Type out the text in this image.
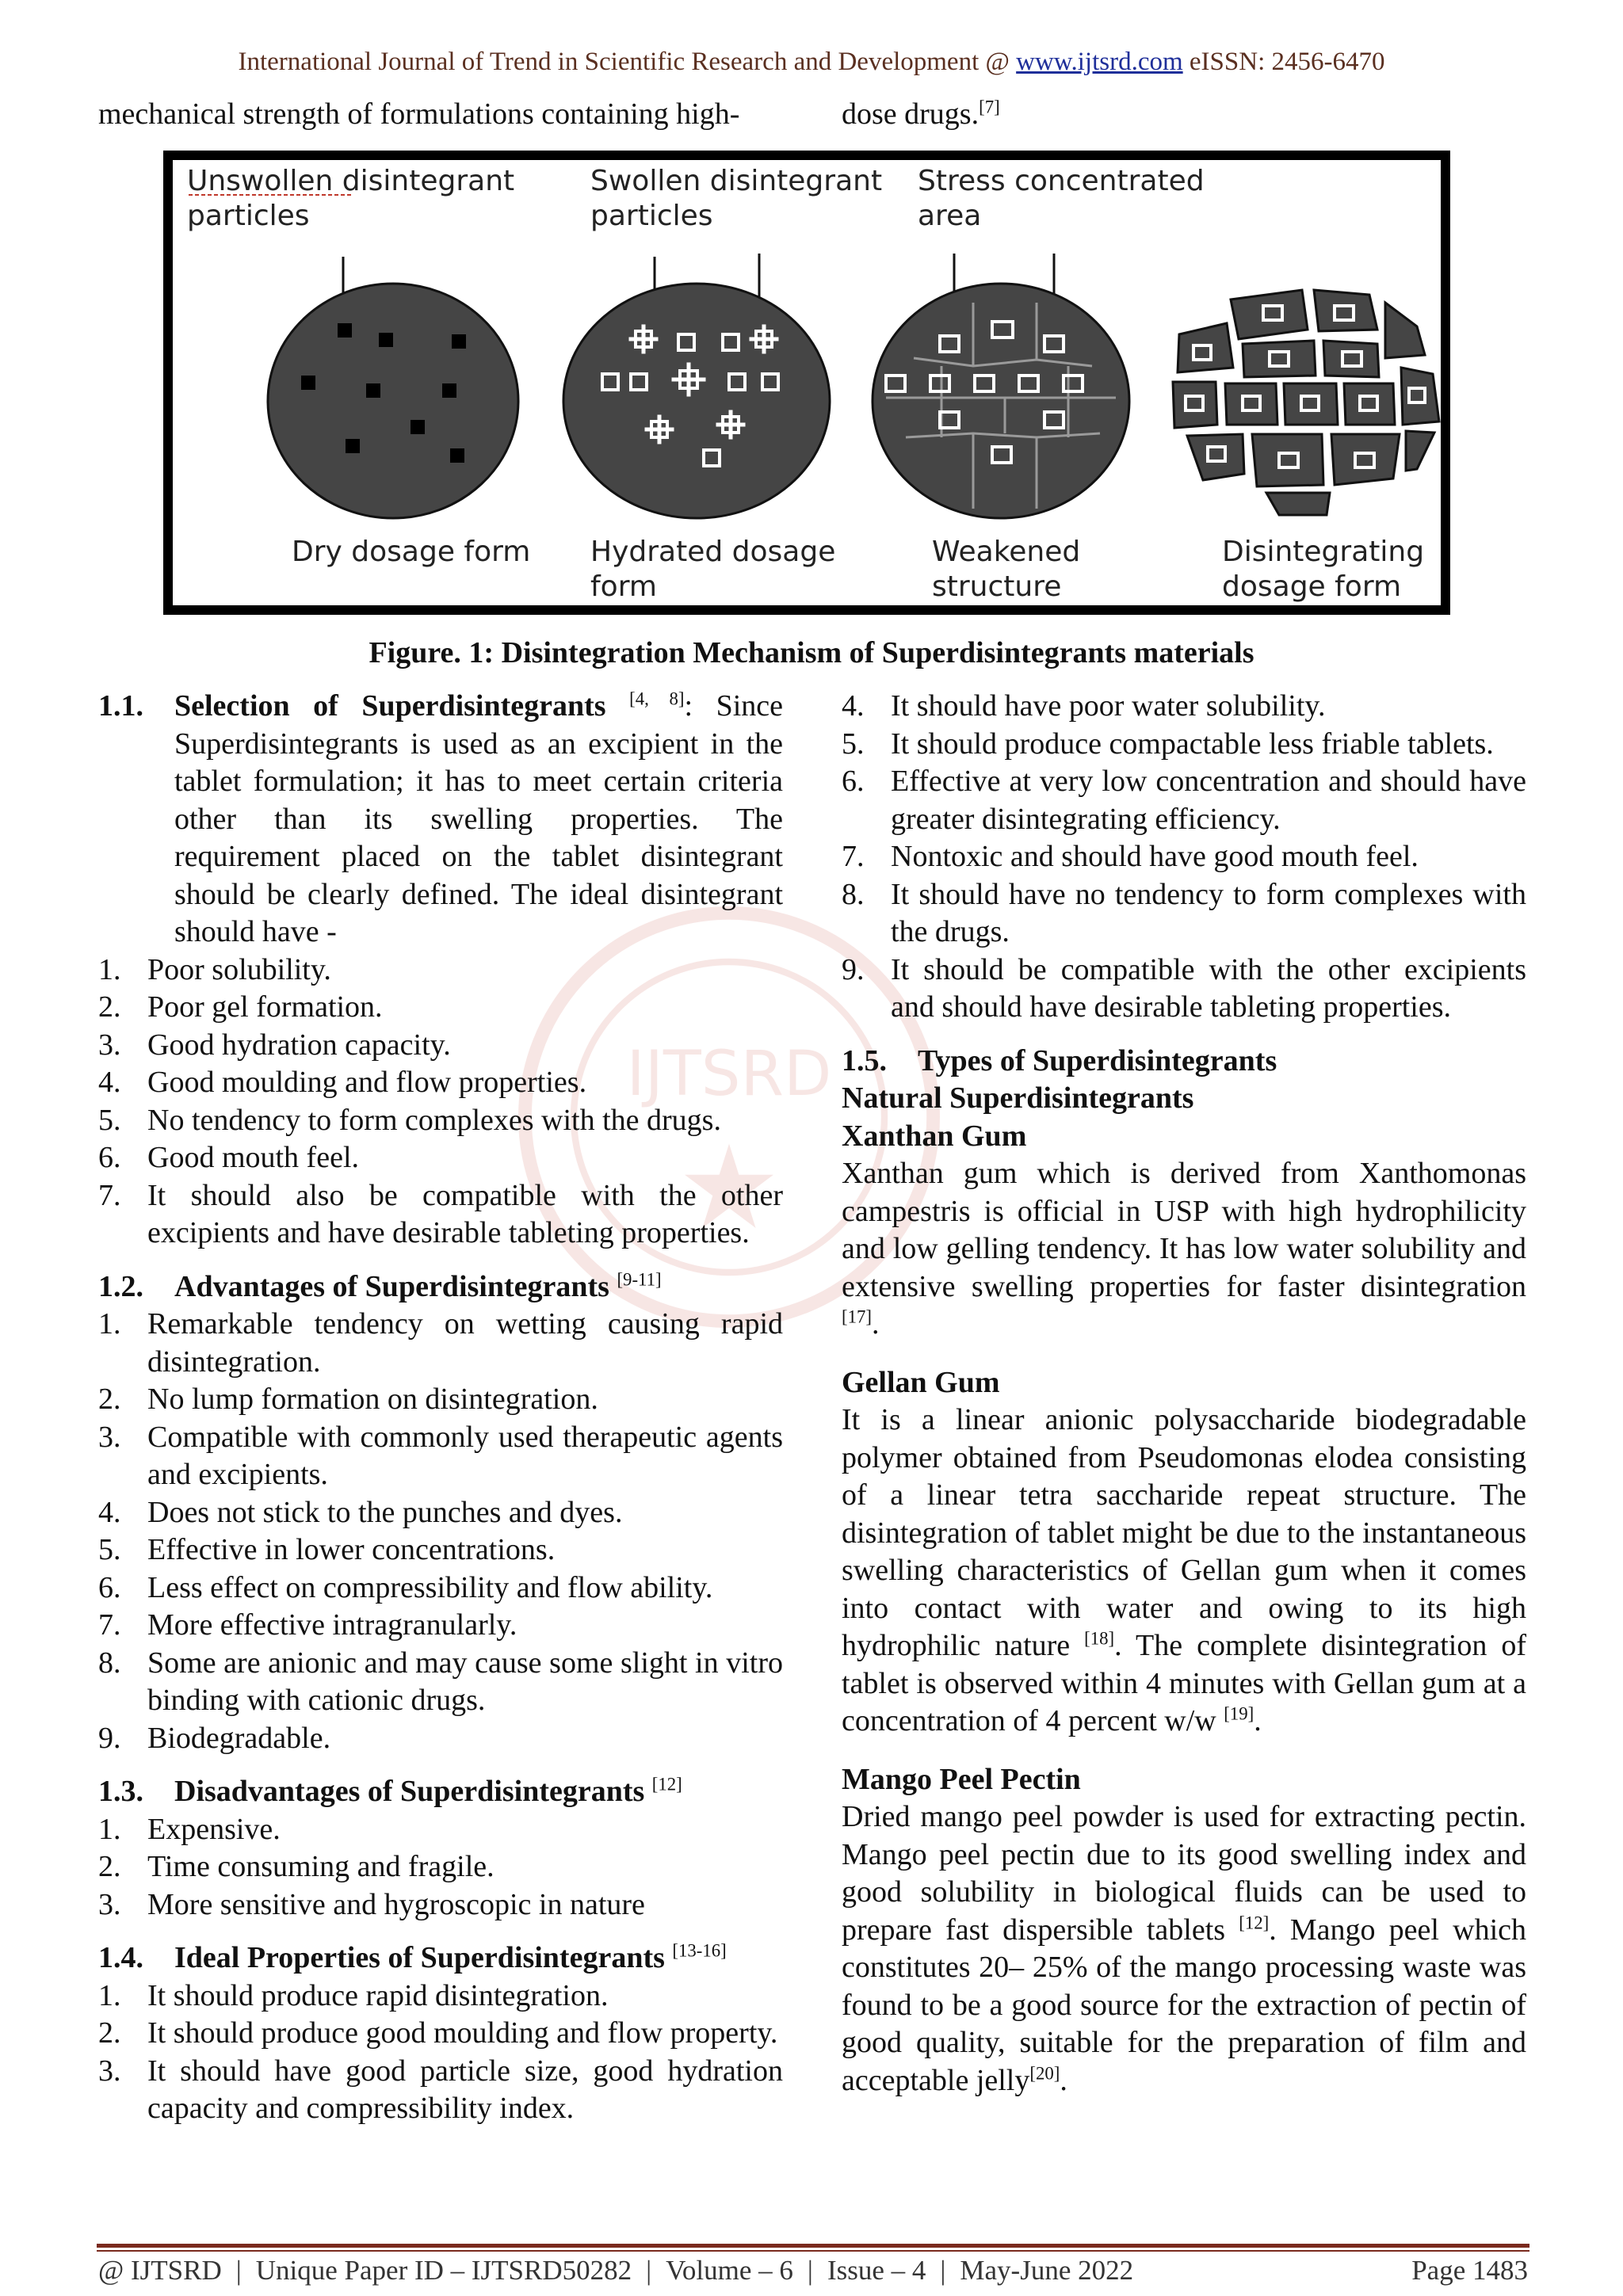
International Journal of Trend in Scientific Research and Development @ www.ijtsrd.com eISSN: 2456-6470
mechanical strength of formulations containing high-	dose drugs.[7]
Unswollen disintegrant
particles
Swollen disintegrant
particles
Stress concentrated
area
Dry dosage form Hydrated dosage
form
Weakened
structure
Disintegrating
dosage form
Figure. 1: Disintegration Mechanism of Superdisintegrants materials
IJTSRD
1.1.	Selection of Superdisintegrants [4, 8]: Since Superdisintegrants is used as an excipient in the tablet formulation; it has to meet certain criteria other than its swelling properties. The requirement placed on the tablet disintegrant should be clearly defined. The ideal disintegrant should have -
1. Poor solubility.
2. Poor gel formation.
3. Good hydration capacity.
4. Good moulding and flow properties.
5. No tendency to form complexes with the drugs.
6. Good mouth feel.
7. It should also be compatible with the other excipients and have desirable tableting properties.
1.2.	Advantages of Superdisintegrants [9-11]
1. Remarkable tendency on wetting causing rapid disintegration.
2. No lump formation on disintegration.
3. Compatible with commonly used therapeutic agents and excipients.
4. Does not stick to the punches and dyes.
5. Effective in lower concentrations.
6. Less effect on compressibility and flow ability.
7. More effective intragranularly.
8. Some are anionic and may cause some slight in vitro binding with cationic drugs.
9. Biodegradable.
1.3.	Disadvantages of Superdisintegrants [12]
1. Expensive.
2. Time consuming and fragile.
3. More sensitive and hygroscopic in nature
1.4.	Ideal Properties of Superdisintegrants [13-16]
1. It should produce rapid disintegration.
2. It should produce good moulding and flow property.
3. It should have good particle size, good hydration capacity and compressibility index.
4. It should have poor water solubility.
5. It should produce compactable less friable tablets.
6. Effective at very low concentration and should have greater disintegrating efficiency.
7. Nontoxic and should have good mouth feel.
8. It should have no tendency to form complexes with the drugs.
9. It should be compatible with the other excipients and should have desirable tableting properties.
1.5.	Types of Superdisintegrants
Natural Superdisintegrants
Xanthan Gum
Xanthan gum which is derived from Xanthomonas campestris is official in USP with high hydrophilicity and low gelling tendency. It has low water solubility and extensive swelling properties for faster disintegration [17].
Gellan Gum
It is a linear anionic polysaccharide biodegradable polymer obtained from Pseudomonas elodea consisting of a linear tetra saccharide repeat structure. The disintegration of tablet might be due to the instantaneous swelling characteristics of Gellan gum when it comes into contact with water and owing to its high hydrophilic nature [18]. The complete disintegration of tablet is observed within 4 minutes with Gellan gum at a concentration of 4 percent w/w [19].
Mango Peel Pectin
Dried mango peel powder is used for extracting pectin. Mango peel pectin due to its good swelling index and good solubility in biological fluids can be used to prepare fast dispersible tablets [12]. Mango peel which constitutes 20– 25% of the mango processing waste was found to be a good source for the extraction of pectin of good quality, suitable for the preparation of film and acceptable jelly[20].
@ IJTSRD | Unique Paper ID – IJTSRD50282 | Volume – 6 | Issue – 4 | May-June 2022	Page 1483
